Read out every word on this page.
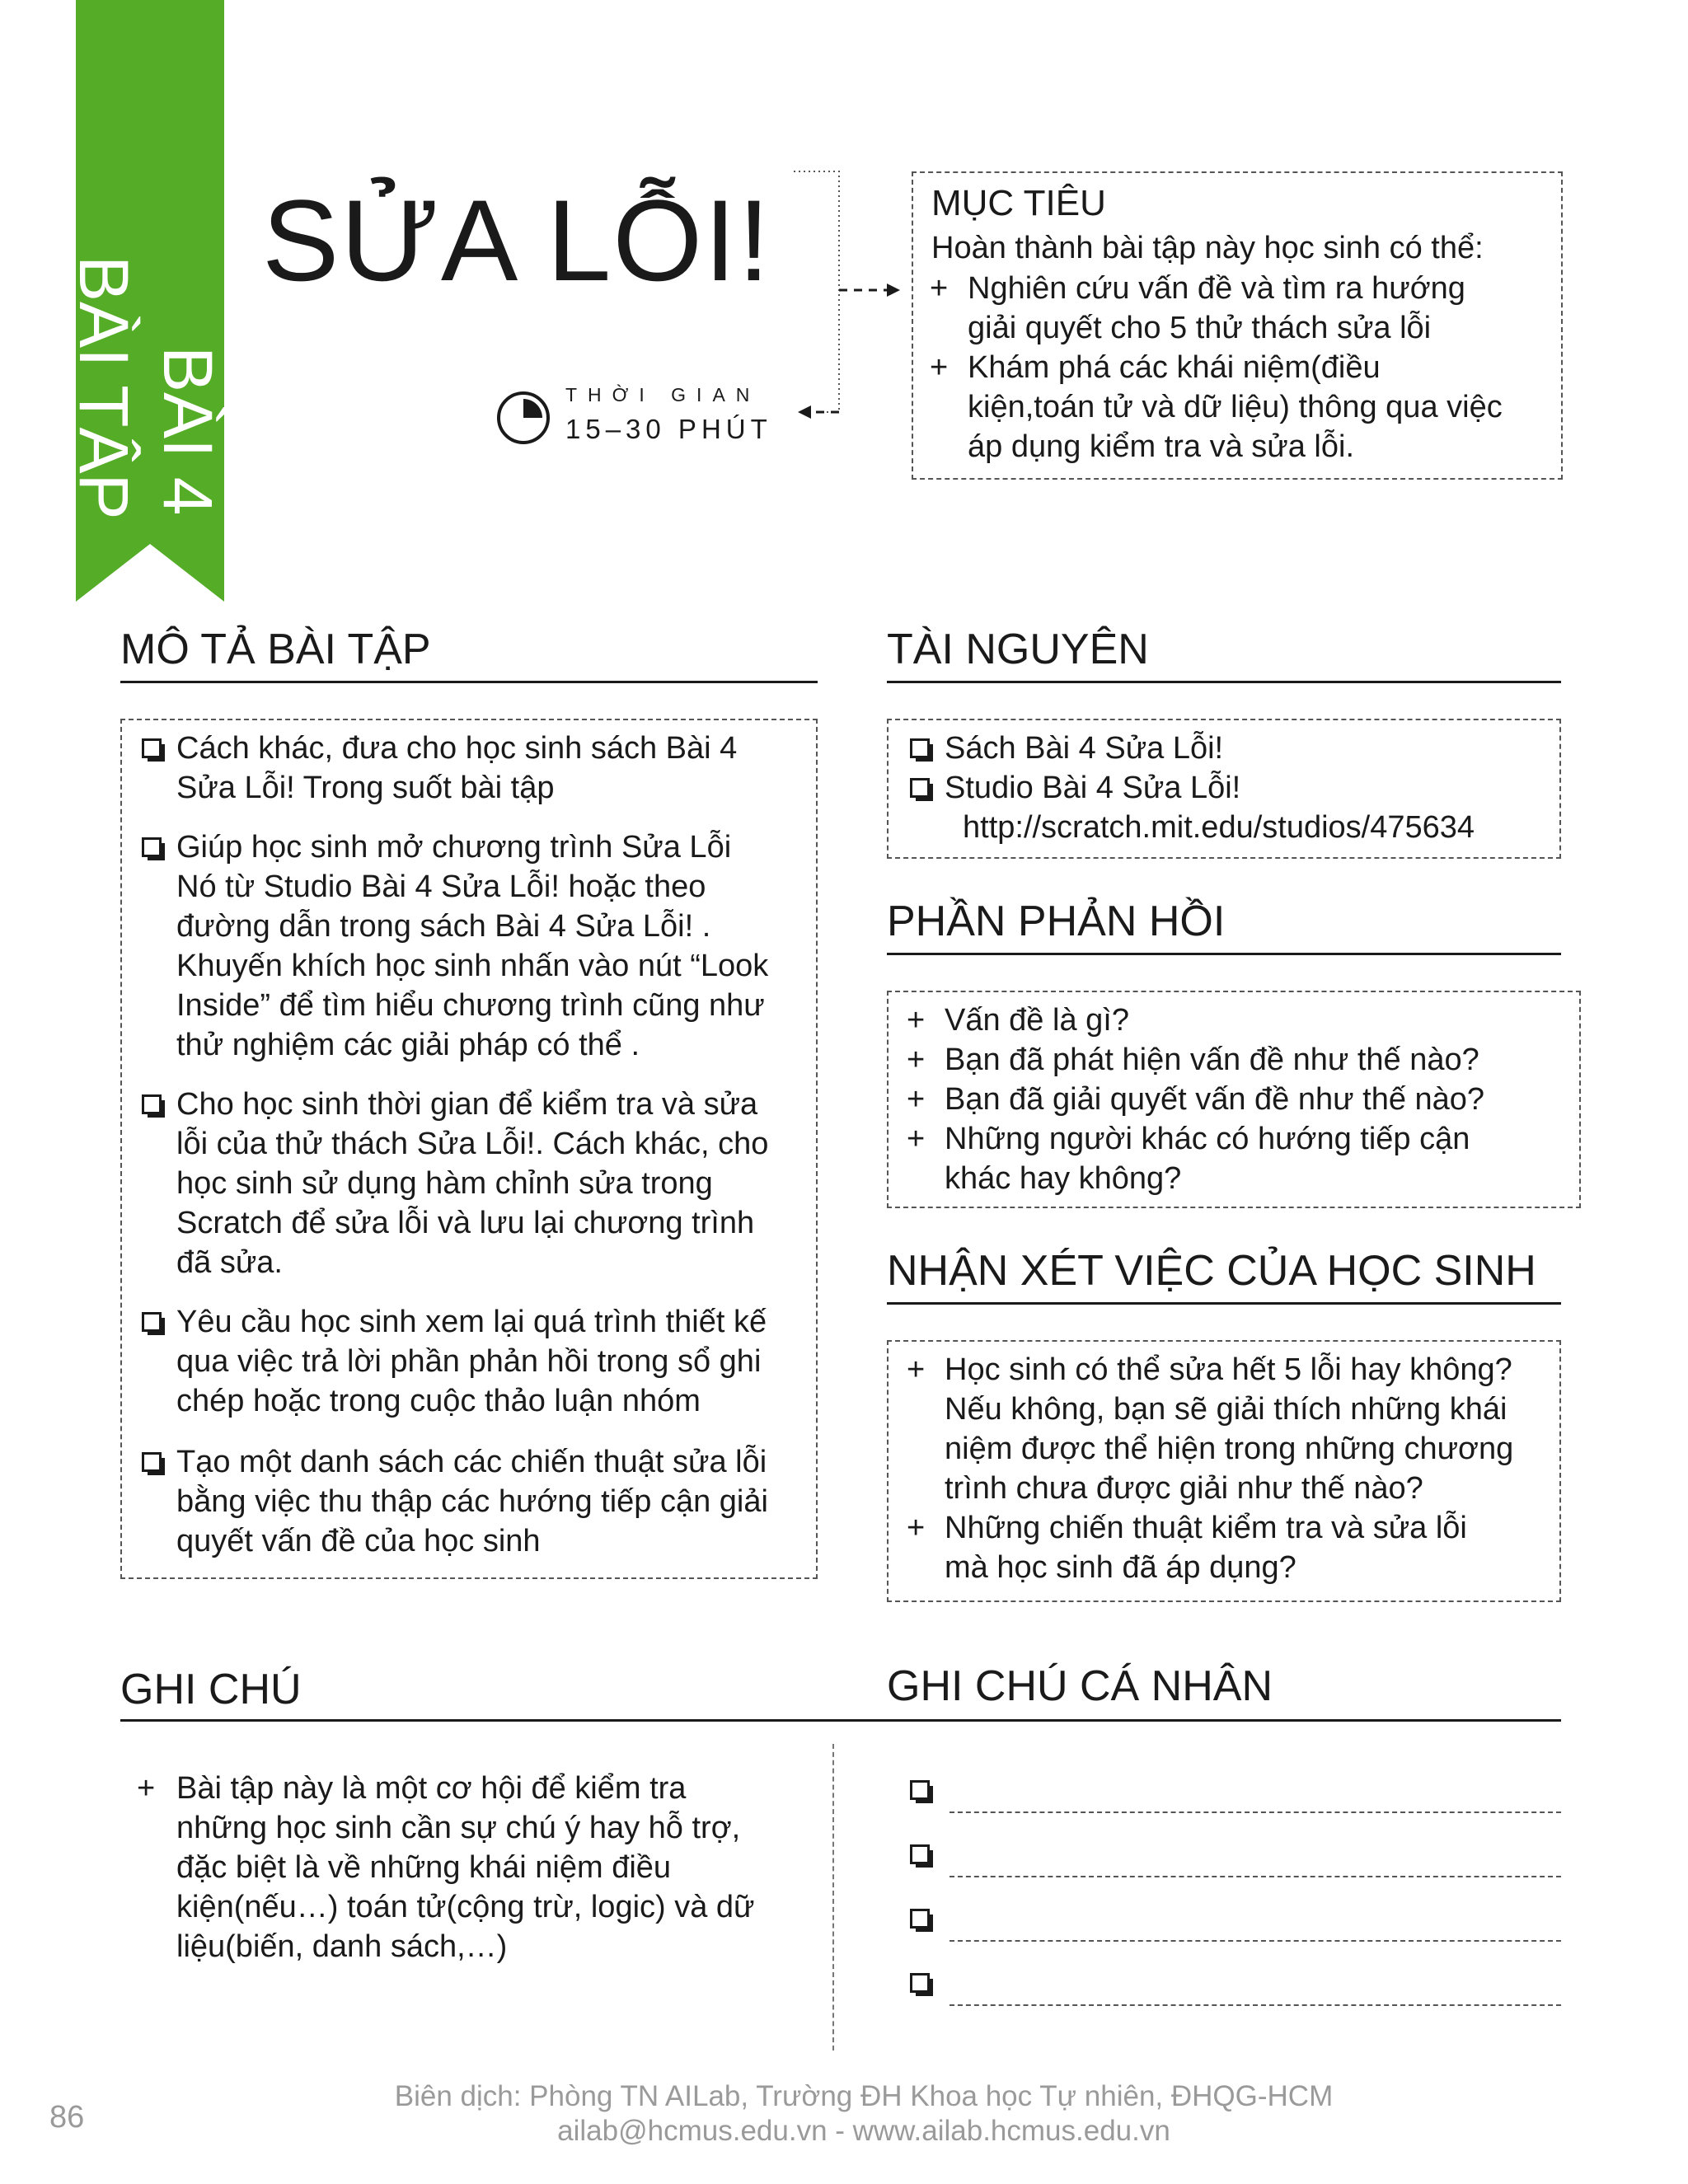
BÀI 4
BÀI TẬP
SỬA LỖI!
THỜI GIAN
15–30 PHÚT
MỤC TIÊU
Hoàn thành bài tập này học sinh có thể:
+ Nghiên cứu vấn đề và tìm ra hướng
giải quyết cho 5 thử thách sửa lỗi
+ Khám phá các khái niệm(điều
kiện,toán tử và dữ liệu) thông qua việc
áp dụng kiểm tra và sửa lỗi.
MÔ TẢ BÀI TẬP
Cách khác, đưa cho học sinh sách Bài 4
Sửa Lỗi! Trong suốt bài tập
Giúp học sinh mở chương trình Sửa Lỗi
Nó từ Studio Bài 4 Sửa Lỗi! hoặc theo
đường dẫn trong sách Bài 4 Sửa Lỗi! .
Khuyến khích học sinh nhấn vào nút “Look
Inside” để tìm hiểu chương trình cũng như
thử nghiệm các giải pháp có thể .
Cho học sinh thời gian để kiểm tra và sửa
lỗi của thử thách Sửa Lỗi!. Cách khác, cho
học sinh sử dụng hàm chỉnh sửa trong
Scratch để sửa lỗi và lưu lại chương trình
đã sửa.
Yêu cầu học sinh xem lại quá trình thiết kế
qua việc trả lời phần phản hồi trong sổ ghi
chép hoặc trong cuộc thảo luận nhóm
Tạo một danh sách các chiến thuật sửa lỗi
bằng việc thu thập các hướng tiếp cận giải
quyết vấn đề của học sinh
TÀI NGUYÊN
Sách Bài 4 Sửa Lỗi!
Studio Bài 4 Sửa Lỗi!
http://scratch.mit.edu/studios/475634
PHẦN PHẢN HỒI
+ Vấn đề là gì?
+ Bạn đã phát hiện vấn đề như thế nào?
+ Bạn đã giải quyết vấn đề như thế nào?
+ Những người khác có hướng tiếp cận
khác hay không?
NHẬN XÉT VIỆC CỦA HỌC SINH
+ Học sinh có thể sửa hết 5 lỗi hay không?
Nếu không, bạn sẽ giải thích những khái
niệm được thể hiện trong những chương
trình chưa được giải như thế nào?
+ Những chiến thuật kiểm tra và sửa lỗi
mà học sinh đã áp dụng?
GHI CHÚ	GHI CHÚ CÁ NHÂN
+ Bài tập này là một cơ hội để kiểm tra
những học sinh cần sự chú ý hay hỗ trợ,
đặc biệt là về những khái niệm điều
kiện(nếu…) toán tử(cộng trừ, logic) và dữ
liệu(biến, danh sách,…)
86
Biên dịch: Phòng TN AILab, Trường ĐH Khoa học Tự nhiên, ĐHQG-HCM
ailab@hcmus.edu.vn - www.ailab.hcmus.edu.vn
